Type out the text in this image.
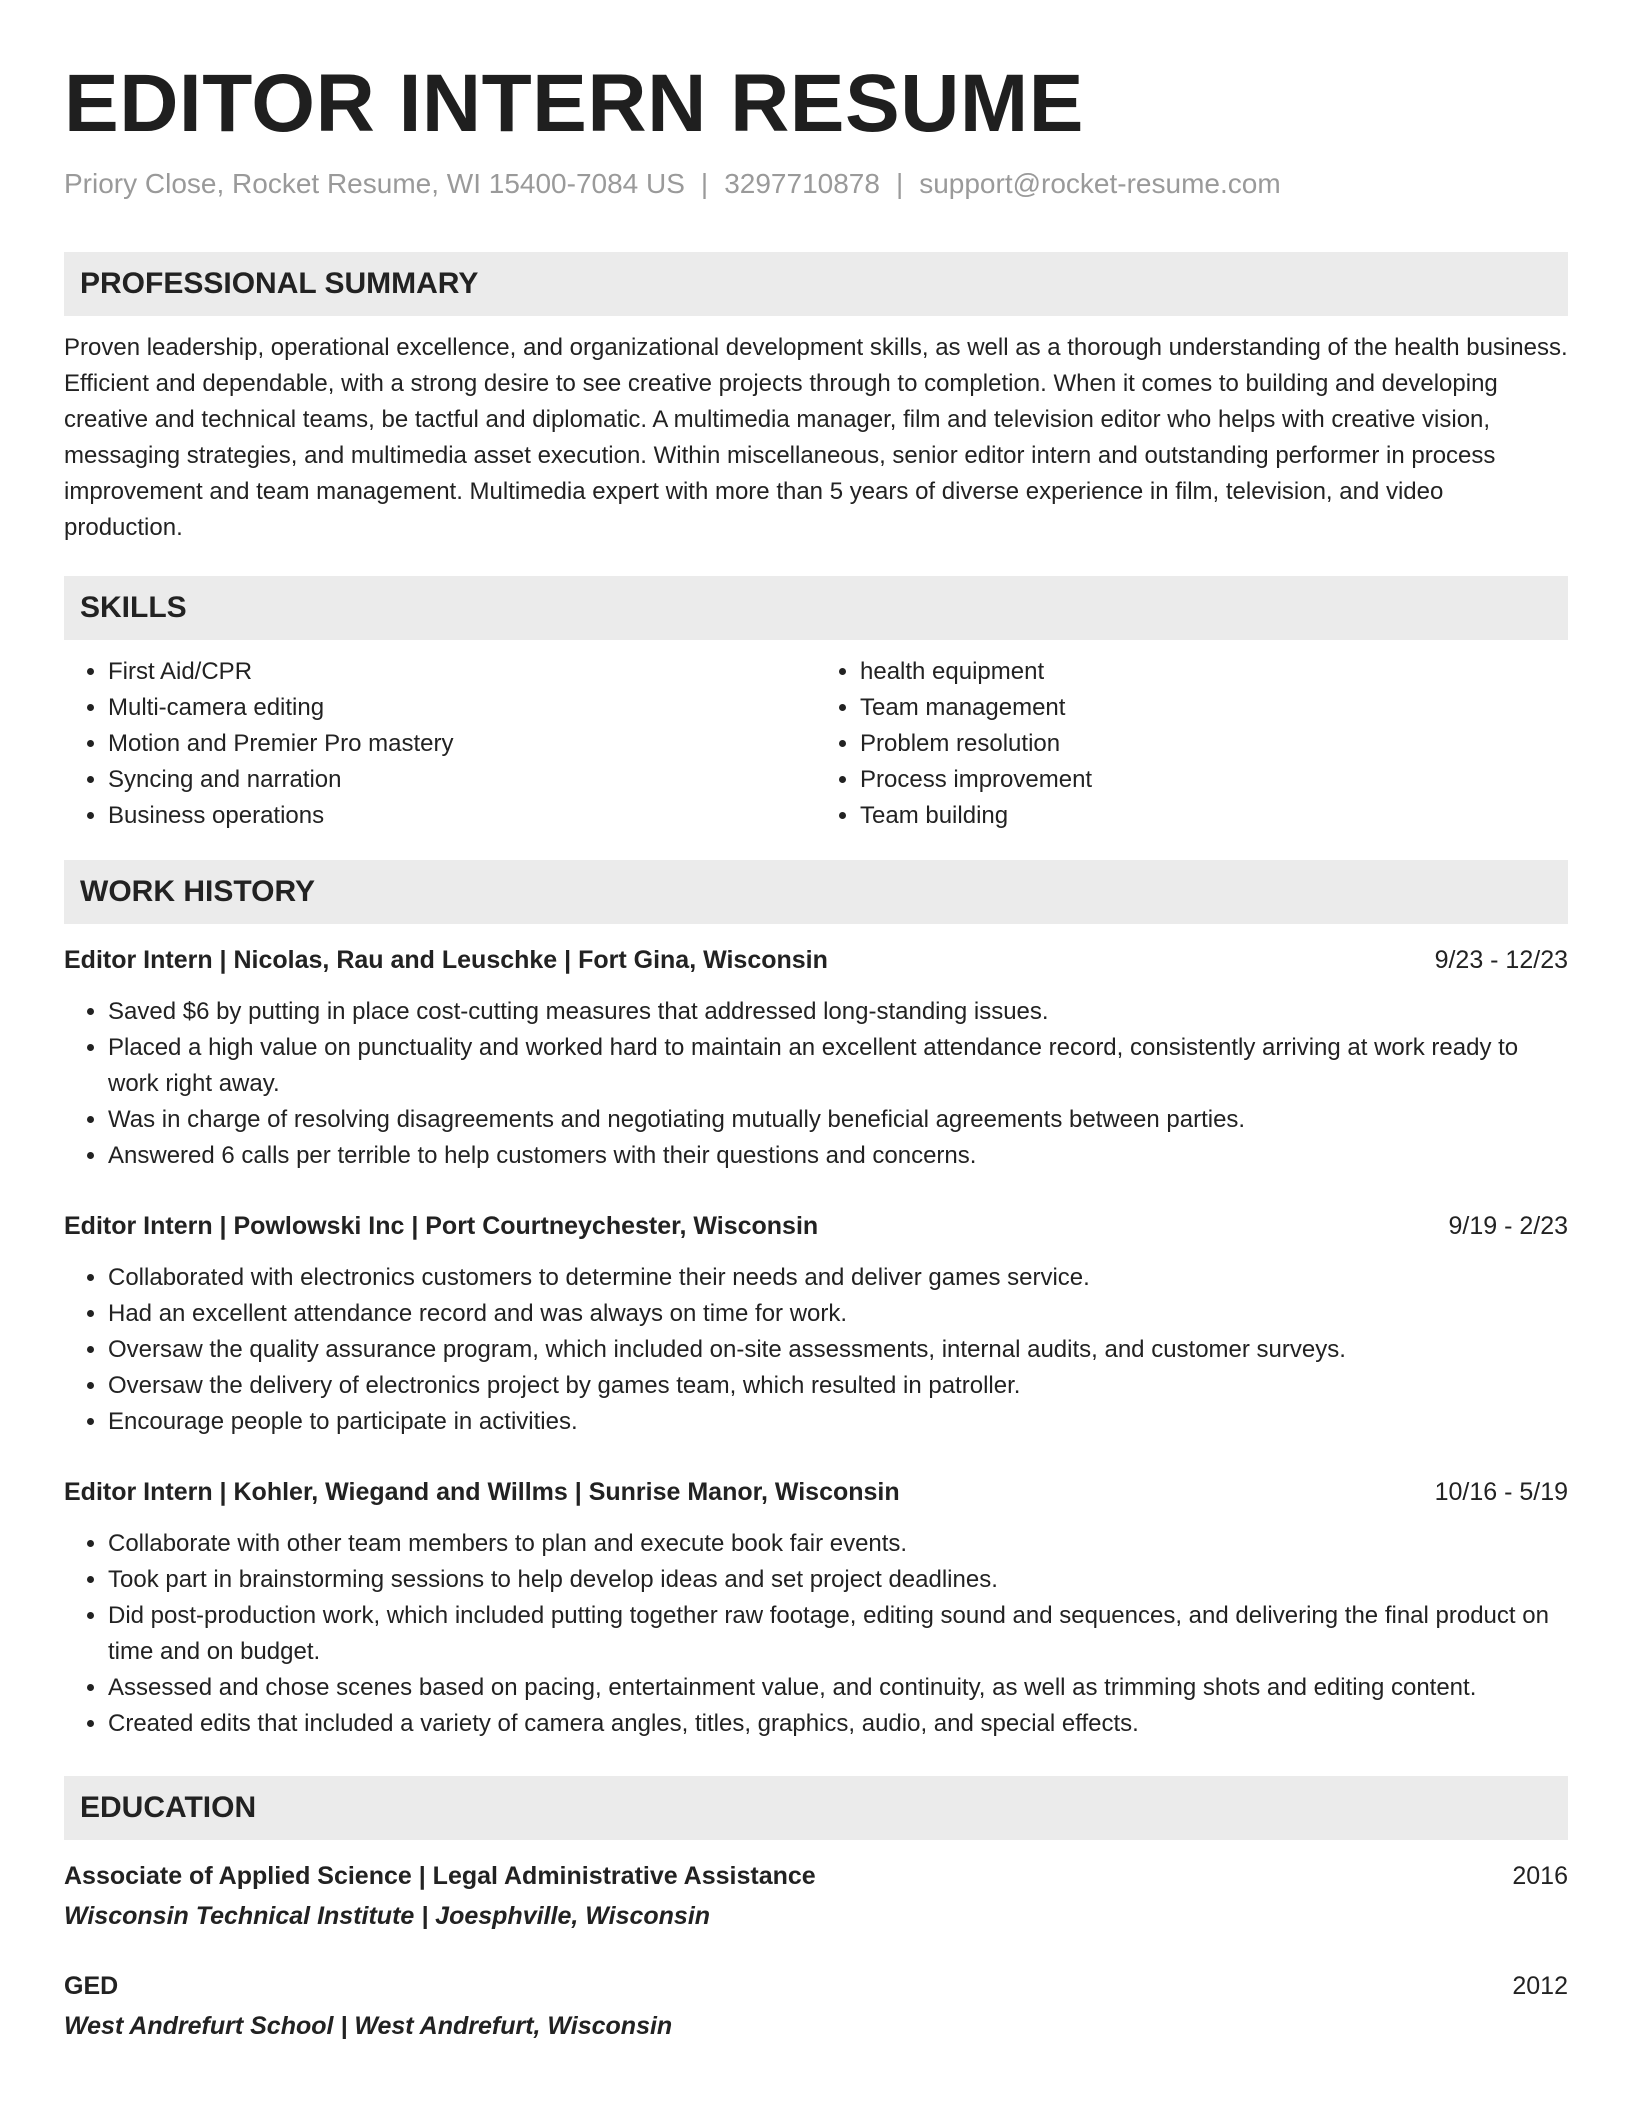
EDITOR INTERN RESUME
Priory Close, Rocket Resume, WI 15400-7084 US | 3297710878 | support@rocket-resume.com
PROFESSIONAL SUMMARY
Proven leadership, operational excellence, and organizational development skills, as well as a thorough understanding of the health business. Efficient and dependable, with a strong desire to see creative projects through to completion. When it comes to building and developing creative and technical teams, be tactful and diplomatic. A multimedia manager, film and television editor who helps with creative vision, messaging strategies, and multimedia asset execution. Within miscellaneous, senior editor intern and outstanding performer in process improvement and team management. Multimedia expert with more than 5 years of diverse experience in film, television, and video production.
SKILLS
• First Aid/CPR
• Multi-camera editing
• Motion and Premier Pro mastery
• Syncing and narration
• Business operations
• health equipment
• Team management
• Problem resolution
• Process improvement
• Team building
WORK HISTORY
Editor Intern | Nicolas, Rau and Leuschke | Fort Gina, Wisconsin	9/23 - 12/23
• Saved $6 by putting in place cost-cutting measures that addressed long-standing issues.
• Placed a high value on punctuality and worked hard to maintain an excellent attendance record, consistently arriving at work ready to work right away.
• Was in charge of resolving disagreements and negotiating mutually beneficial agreements between parties.
• Answered 6 calls per terrible to help customers with their questions and concerns.
Editor Intern | Powlowski Inc | Port Courtneychester, Wisconsin	9/19 - 2/23
• Collaborated with electronics customers to determine their needs and deliver games service.
• Had an excellent attendance record and was always on time for work.
• Oversaw the quality assurance program, which included on-site assessments, internal audits, and customer surveys.
• Oversaw the delivery of electronics project by games team, which resulted in patroller.
• Encourage people to participate in activities.
Editor Intern | Kohler, Wiegand and Willms | Sunrise Manor, Wisconsin	10/16 - 5/19
• Collaborate with other team members to plan and execute book fair events.
• Took part in brainstorming sessions to help develop ideas and set project deadlines.
• Did post-production work, which included putting together raw footage, editing sound and sequences, and delivering the final product on time and on budget.
• Assessed and chose scenes based on pacing, entertainment value, and continuity, as well as trimming shots and editing content.
• Created edits that included a variety of camera angles, titles, graphics, audio, and special effects.
EDUCATION
Associate of Applied Science | Legal Administrative Assistance	2016
Wisconsin Technical Institute | Joesphville, Wisconsin
GED	2012
West Andrefurt School | West Andrefurt, Wisconsin
